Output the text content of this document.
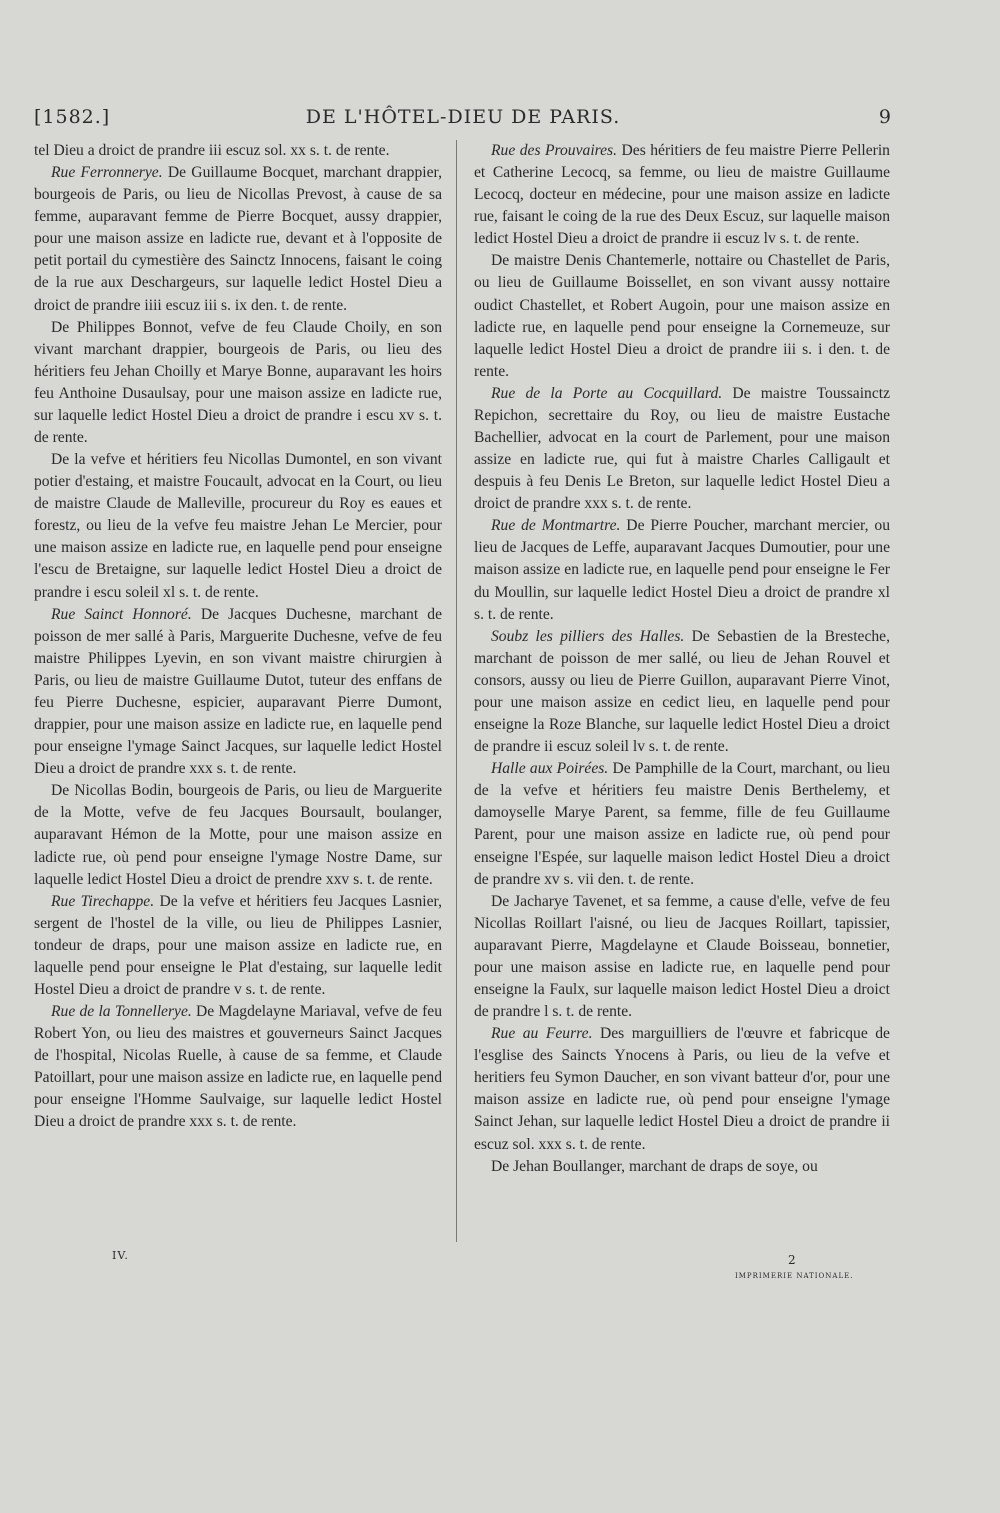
[1582.]	DE L'HÔTEL-DIEU DE PARIS.	9

tel Dieu a droict de prandre iii escuz sol. xx s. t. de rente.

Rue Ferronnerye. De Guillaume Bocquet, marchant drappier, bourgeois de Paris, ou lieu de Nicollas Prevost, à cause de sa femme, auparavant femme de Pierre Bocquet, aussy drappier, pour une maison assize en ladicte rue, devant et à l'opposite de petit portail du cymestière des Sainctz Innocens, faisant le coing de la rue aux Deschargeurs, sur laquelle ledict Hostel Dieu a droict de prandre iiii escuz iii s. ix den. t. de rente.

De Philippes Bonnot, vefve de feu Claude Choily, en son vivant marchant drappier, bourgeois de Paris, ou lieu des héritiers feu Jehan Choilly et Marye Bonne, auparavant les hoirs feu Anthoine Dusaulsay, pour une maison assize en ladicte rue, sur laquelle ledict Hostel Dieu a droict de prandre i escu xv s. t. de rente.

De la vefve et héritiers feu Nicollas Dumontel, en son vivant potier d'estaing, et maistre Foucault, advocat en la Court, ou lieu de maistre Claude de Malleville, procureur du Roy es eaues et forestz, ou lieu de la vefve feu maistre Jehan Le Mercier, pour une maison assize en ladicte rue, en laquelle pend pour enseigne l'escu de Bretaigne, sur laquelle ledict Hostel Dieu a droict de prandre i escu soleil xl s. t. de rente.

Rue Sainct Honnoré. De Jacques Duchesne, marchant de poisson de mer sallé à Paris, Marguerite Duchesne, vefve de feu maistre Philippes Lyevin, en son vivant maistre chirurgien à Paris, ou lieu de maistre Guillaume Dutot, tuteur des enffans de feu Pierre Duchesne, espicier, auparavant Pierre Dumont, drappier, pour une maison assize en ladicte rue, en laquelle pend pour enseigne l'ymage Sainct Jacques, sur laquelle ledict Hostel Dieu a droict de prandre xxx s. t. de rente.

De Nicollas Bodin, bourgeois de Paris, ou lieu de Marguerite de la Motte, vefve de feu Jacques Boursault, boulanger, auparavant Hémon de la Motte, pour une maison assize en ladicte rue, où pend pour enseigne l'ymage Nostre Dame, sur laquelle ledict Hostel Dieu a droict de prendre xxv s. t. de rente.

Rue Tirechappe. De la vefve et héritiers feu Jacques Lasnier, sergent de l'hostel de la ville, ou lieu de Philippes Lasnier, tondeur de draps, pour une maison assize en ladicte rue, en laquelle pend pour enseigne le Plat d'estaing, sur laquelle ledit Hostel Dieu a droict de prandre v s. t. de rente.

Rue de la Tonnellerye. De Magdelayne Mariaval, vefve de feu Robert Yon, ou lieu des maistres et gouverneurs Sainct Jacques de l'hospital, Nicolas Ruelle, à cause de sa femme, et Claude Patoillart, pour une maison assize en ladicte rue, en laquelle pend pour enseigne l'Homme Saulvaige, sur laquelle ledict Hostel Dieu a droict de prandre xxx s. t. de rente.

Rue des Prouvaires. Des héritiers de feu maistre Pierre Pellerin et Catherine Lecocq, sa femme, ou lieu de maistre Guillaume Lecocq, docteur en médecine, pour une maison assize en ladicte rue, faisant le coing de la rue des Deux Escuz, sur laquelle maison ledict Hostel Dieu a droict de prandre ii escuz lv s. t. de rente.

De maistre Denis Chantemerle, nottaire ou Chastellet de Paris, ou lieu de Guillaume Boissellet, en son vivant aussy nottaire oudict Chastellet, et Robert Augoin, pour une maison assize en ladicte rue, en laquelle pend pour enseigne la Cornemeuze, sur laquelle ledict Hostel Dieu a droict de prandre iii s. i den. t. de rente.

Rue de la Porte au Cocquillard. De maistre Toussainctz Repichon, secrettaire du Roy, ou lieu de maistre Eustache Bachellier, advocat en la court de Parlement, pour une maison assize en ladicte rue, qui fut à maistre Charles Calligault et despuis à feu Denis Le Breton, sur laquelle ledict Hostel Dieu a droict de prandre xxx s. t. de rente.

Rue de Montmartre. De Pierre Poucher, marchant mercier, ou lieu de Jacques de Leffe, auparavant Jacques Dumoutier, pour une maison assize en ladicte rue, en laquelle pend pour enseigne le Fer du Moullin, sur laquelle ledict Hostel Dieu a droict de prandre xl s. t. de rente.

Soubz les pilliers des Halles. De Sebastien de la Bresteche, marchant de poisson de mer sallé, ou lieu de Jehan Rouvel et consors, aussy ou lieu de Pierre Guillon, auparavant Pierre Vinot, pour une maison assize en cedict lieu, en laquelle pend pour enseigne la Roze Blanche, sur laquelle ledict Hostel Dieu a droict de prandre ii escuz soleil lv s. t. de rente.

Halle aux Poirées. De Pamphille de la Court, marchant, ou lieu de la vefve et héritiers feu maistre Denis Berthelemy, et damoyselle Marye Parent, sa femme, fille de feu Guillaume Parent, pour une maison assize en ladicte rue, où pend pour enseigne l'Espée, sur laquelle maison ledict Hostel Dieu a droict de prandre xv s. vii den. t. de rente.

De Jacharye Tavenet, et sa femme, a cause d'elle, vefve de feu Nicollas Roillart l'aisné, ou lieu de Jacques Roillart, tapissier, auparavant Pierre, Magdelayne et Claude Boisseau, bonnetier, pour une maison assise en ladicte rue, en laquelle pend pour enseigne la Faulx, sur laquelle maison ledict Hostel Dieu a droict de prandre l s. t. de rente.

Rue au Feurre. Des marguilliers de l'œuvre et fabricque de l'esglise des Saincts Ynocens à Paris, ou lieu de la vefve et heritiers feu Symon Daucher, en son vivant batteur d'or, pour une maison assize en ladicte rue, où pend pour enseigne l'ymage Sainct Jehan, sur laquelle ledict Hostel Dieu a droict de prandre ii escuz sol. xxx s. t. de rente.

De Jehan Boullanger, marchant de draps de soye, ou

IV.	2
IMPRIMERIE NATIONALE.
